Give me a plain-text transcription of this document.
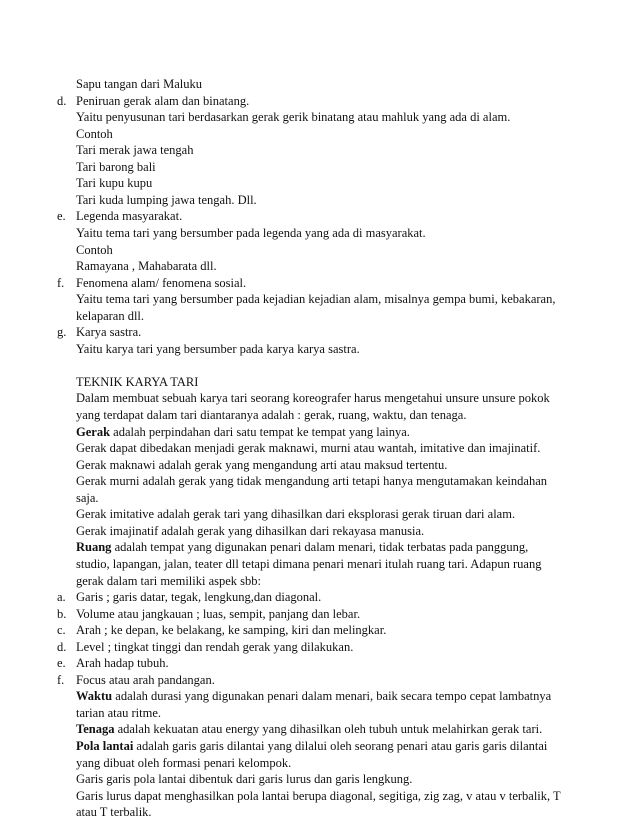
Sapu tangan dari Maluku
d. Peniruan gerak alam dan binatang.
Yaitu penyusunan tari berdasarkan gerak gerik binatang atau mahluk yang ada di alam.
Contoh
Tari merak jawa tengah
Tari barong bali
Tari kupu kupu
Tari kuda lumping jawa tengah. Dll.
e. Legenda masyarakat.
Yaitu tema tari yang bersumber pada legenda yang ada di masyarakat.
Contoh
Ramayana , Mahabarata dll.
f. Fenomena alam/ fenomena sosial.
Yaitu tema tari yang bersumber pada kejadian kejadian alam, misalnya gempa bumi, kebakaran,
kelaparan dll.
g. Karya sastra.
Yaitu karya tari yang bersumber pada karya karya sastra.
TEKNIK KARYA TARI
Dalam membuat sebuah karya tari seorang koreografer harus mengetahui unsure unsure pokok
yang terdapat dalam tari diantaranya adalah : gerak, ruang, waktu, dan tenaga.
Gerak adalah perpindahan dari satu tempat ke tempat yang lainya.
Gerak dapat dibedakan menjadi gerak maknawi, murni atau wantah, imitative dan imajinatif.
Gerak maknawi adalah gerak yang mengandung arti atau maksud tertentu.
Gerak murni adalah gerak yang tidak mengandung arti tetapi hanya mengutamakan keindahan
saja.
Gerak imitative adalah gerak tari yang dihasilkan dari eksplorasi gerak tiruan dari alam.
Gerak imajinatif adalah gerak yang dihasilkan dari rekayasa manusia.
Ruang adalah tempat yang digunakan penari dalam menari, tidak terbatas pada panggung,
studio, lapangan, jalan, teater dll tetapi dimana penari menari itulah ruang tari. Adapun ruang
gerak dalam tari memiliki aspek sbb:
a. Garis ; garis datar, tegak, lengkung,dan diagonal.
b. Volume atau jangkauan ; luas, sempit, panjang dan lebar.
c. Arah ; ke depan, ke belakang, ke samping, kiri dan melingkar.
d. Level ; tingkat tinggi dan rendah gerak yang dilakukan.
e. Arah hadap tubuh.
f. Focus atau arah pandangan.
Waktu adalah durasi yang digunakan penari dalam menari, baik secara tempo cepat lambatnya
tarian atau ritme.
Tenaga adalah kekuatan atau energy yang dihasilkan oleh tubuh untuk melahirkan gerak tari.
Pola lantai adalah garis garis dilantai yang dilalui oleh seorang penari atau garis garis dilantai
yang dibuat oleh formasi penari kelompok.
Garis garis pola lantai dibentuk dari garis lurus dan garis lengkung.
Garis lurus dapat menghasilkan pola lantai berupa diagonal, segitiga, zig zag, v atau v terbalik, T
atau T terbalik.
